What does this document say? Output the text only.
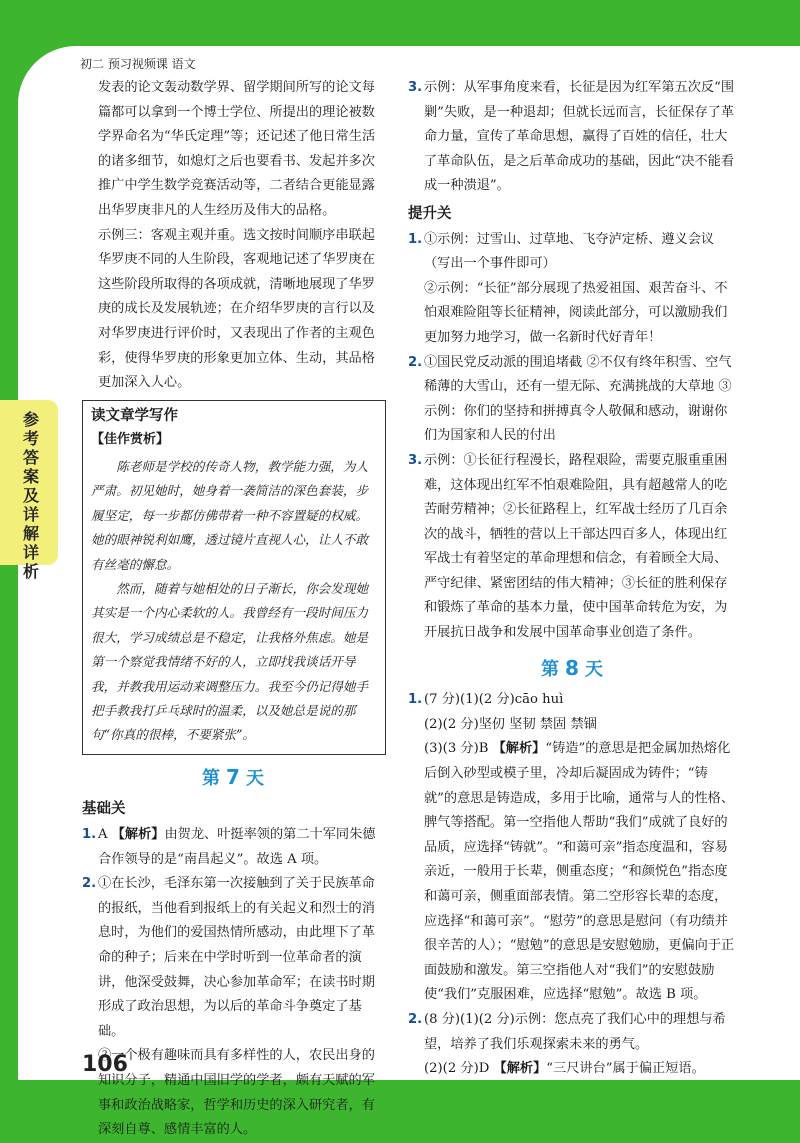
参考答案及详解详析
初二 预习视频课 语文

发表的论文轰动数学界、留学期间所写的论文每篇都可以拿到一个博士学位、所提出的理论被数学界命名为“华氏定理”等；还记述了他日常生活的诸多细节，如熄灯之后也要看书、发起并多次推广中学生数学竞赛活动等，二者结合更能显露出华罗庚非凡的人生经历及伟大的品格。

示例三：客观主观并重。选文按时间顺序串联起华罗庚不同的人生阶段，客观地记述了华罗庚在这些阶段所取得的各项成就，清晰地展现了华罗庚的成长及发展轨迹；在介绍华罗庚的言行以及对华罗庚进行评价时，又表现出了作者的主观色彩，使得华罗庚的形象更加立体、生动，其品格更加深入人心。

读文章学写作
【佳作赏析】

陈老师是学校的传奇人物，教学能力强，为人严肃。初见她时，她身着一袭简洁的深色套装，步履坚定，每一步都仿佛带着一种不容置疑的权威。她的眼神锐利如鹰，透过镜片直视人心，让人不敢有丝毫的懈怠。

然而，随着与她相处的日子渐长，你会发现她其实是一个内心柔软的人。我曾经有一段时间压力很大，学习成绩总是不稳定，让我格外焦虑。她是第一个察觉我情绪不好的人，立即找我谈话开导我，并教我用运动来调整压力。我至今仍记得她手把手教我打乒乓球时的温柔，以及她总是说的那句“你真的很棒，不要紧张”。

第 7 天
基础关

1. A 【解析】由贺龙、叶挺率领的第二十军同朱德合作领导的是“南昌起义”。故选 A 项。

2. ①在长沙，毛泽东第一次接触到了关于民族革命的报纸，当他看到报纸上的有关起义和烈士的消息时，为他们的爱国热情所感动，由此埋下了革命的种子；后来在中学时听到一位革命者的演讲，他深受鼓舞，决心参加革命军；在读书时期形成了政治思想，为以后的革命斗争奠定了基础。

②一个极有趣味而具有多样性的人，农民出身的知识分子，精通中国旧学的学者，颇有天赋的军事和政治战略家，哲学和历史的深入研究者，有深刻自尊、感情丰富的人。

3. 示例：从军事角度来看，长征是因为红军第五次反“围剿”失败，是一种退却；但就长远而言，长征保存了革命力量，宣传了革命思想，赢得了百姓的信任，壮大了革命队伍，是之后革命成功的基础，因此“决不能看成一种溃退”。

提升关

1. ①示例：过雪山、过草地、飞夺泸定桥、遵义会议（写出一个事件即可）

②示例：“长征”部分展现了热爱祖国、艰苦奋斗、不怕艰难险阻等长征精神，阅读此部分，可以激励我们更加努力地学习，做一名新时代好青年！

2. ①国民党反动派的围追堵截 ②不仅有终年积雪、空气稀薄的大雪山，还有一望无际、充满挑战的大草地 ③示例：你们的坚持和拼搏真令人敬佩和感动，谢谢你们为国家和人民的付出

3. 示例：①长征行程漫长，路程艰险，需要克服重重困难，这体现出红军不怕艰难险阻，具有超越常人的吃苦耐劳精神；②长征路程上，红军战士经历了几百余次的战斗，牺牲的营以上干部达四百多人，体现出红军战士有着坚定的革命理想和信念，有着顾全大局、严守纪律、紧密团结的伟大精神；③长征的胜利保存和锻炼了革命的基本力量，使中国革命转危为安，为开展抗日战争和发展中国革命事业创造了条件。

第 8 天

1. (7 分)(1)(2 分)cāo huì

(2)(2 分)坚仞 坚韧 禁固 禁锢

(3)(3 分)B 【解析】“铸造”的意思是把金属加热熔化后倒入砂型或模子里，冷却后凝固成为铸件；“铸就”的意思是铸造成，多用于比喻，通常与人的性格、脾气等搭配。第一空指他人帮助“我们”成就了良好的品质，应选择“铸就”。“和蔼可亲”指态度温和，容易亲近，一般用于长辈，侧重态度；“和颜悦色”指态度和蔼可亲，侧重面部表情。第二空形容长辈的态度，应选择“和蔼可亲”。“慰劳”的意思是慰问（有功绩并很辛苦的人）；“慰勉”的意思是安慰勉励，更偏向于正面鼓励和激发。第三空指他人对“我们”的安慰鼓励使“我们”克服困难，应选择“慰勉”。故选 B 项。

2. (8 分)(1)(2 分)示例：您点亮了我们心中的理想与希望，培养了我们乐观探索未来的勇气。

(2)(2 分)D 【解析】“三尺讲台”属于偏正短语。

106
